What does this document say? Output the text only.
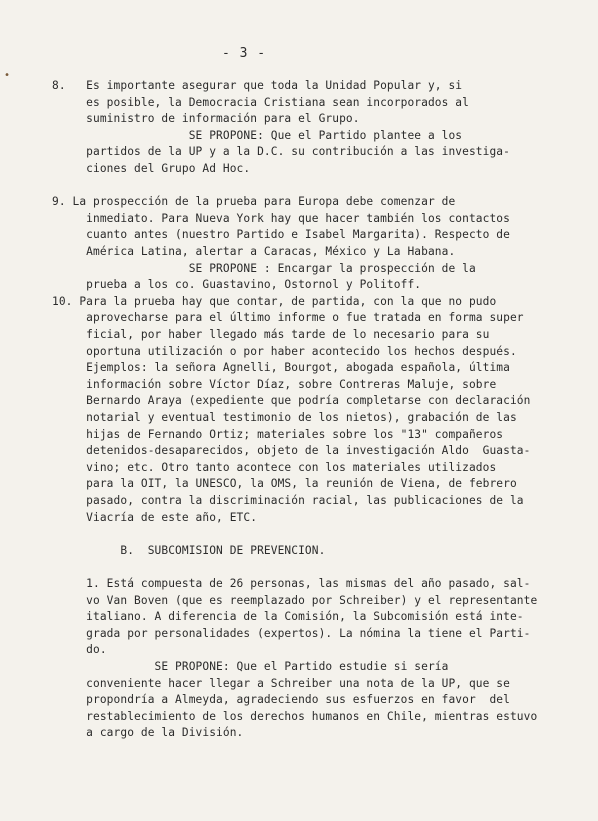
•
- 3 -
8.   Es importante asegurar que toda la Unidad Popular y, si
es posible, la Democracia Cristiana sean incorporados al
suministro de información para el Grupo.
SE PROPONE: Que el Partido plantee a los
partidos de la UP y a la D.C. su contribución a las investiga-
ciones del Grupo Ad Hoc.
9. La prospección de la prueba para Europa debe comenzar de
inmediato. Para Nueva York hay que hacer también los contactos
cuanto antes (nuestro Partido e Isabel Margarita). Respecto de
América Latina, alertar a Caracas, México y La Habana.
SE PROPONE : Encargar la prospección de la
prueba a los co. Guastavino, Ostornol y Politoff.
10. Para la prueba hay que contar, de partida, con la que no pudo
aprovecharse para el último informe o fue tratada en forma super
ficial, por haber llegado más tarde de lo necesario para su
oportuna utilización o por haber acontecido los hechos después.
Ejemplos: la señora Agnelli, Bourgot, abogada española, última
información sobre Víctor Díaz, sobre Contreras Maluje, sobre
Bernardo Araya (expediente que podría completarse con declaración
notarial y eventual testimonio de los nietos), grabación de las
hijas de Fernando Ortiz; materiales sobre los "13" compañeros
detenidos-desaparecidos, objeto de la investigación Aldo  Guasta-
vino; etc. Otro tanto acontece con los materiales utilizados
para la OIT, la UNESCO, la OMS, la reunión de Viena, de febrero
pasado, contra la discriminación racial, las publicaciones de la
Viacría de este año, ETC.
B.  SUBCOMISION DE PREVENCION.
1. Está compuesta de 26 personas, las mismas del año pasado, sal-
vo Van Boven (que es reemplazado por Schreiber) y el representante
italiano. A diferencia de la Comisión, la Subcomisión está inte-
grada por personalidades (expertos). La nómina la tiene el Parti-
do.
SE PROPONE: Que el Partido estudie si sería
conveniente hacer llegar a Schreiber una nota de la UP, que se
propondría a Almeyda, agradeciendo sus esfuerzos en favor  del
restablecimiento de los derechos humanos en Chile, mientras estuvo
a cargo de la División.
